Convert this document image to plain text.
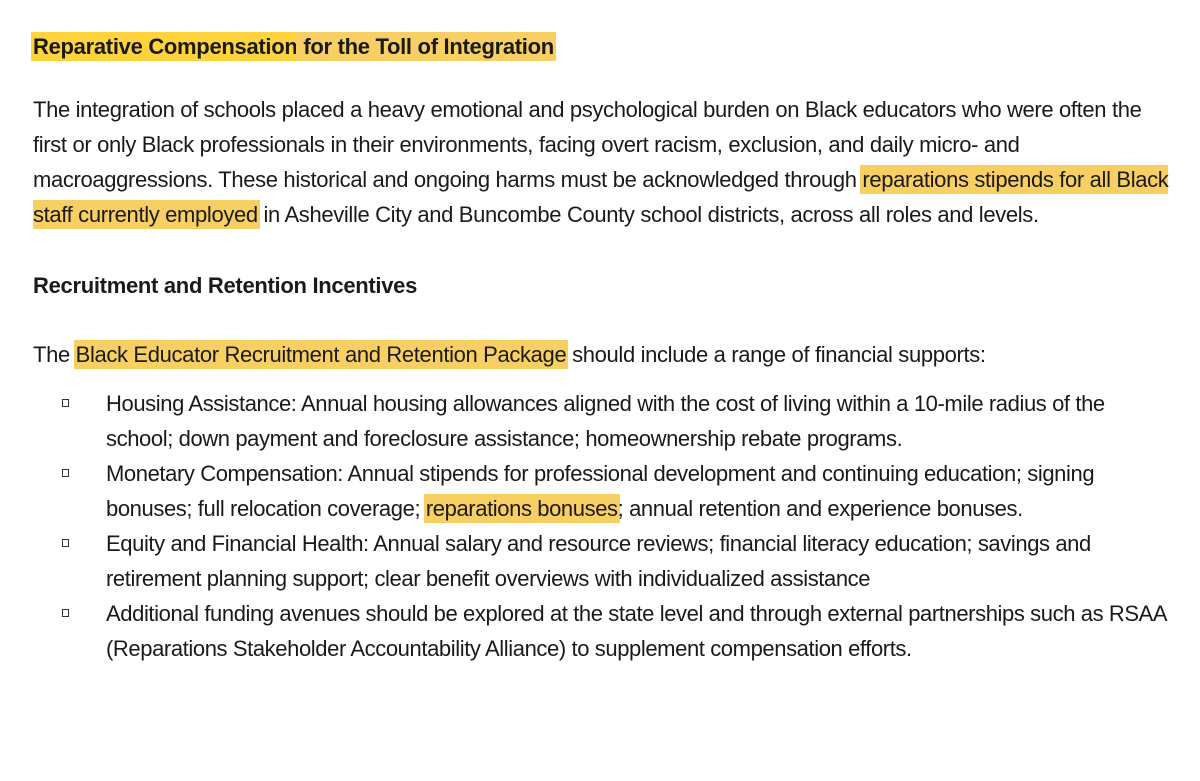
Reparative Compensation for the Toll of Integration

The integration of schools placed a heavy emotional and psychological burden on Black educators who were often the first or only Black professionals in their environments, facing overt racism, exclusion, and daily micro- and macroaggressions. These historical and ongoing harms must be acknowledged through reparations stipends for all Black staff currently employed in Asheville City and Buncombe County school districts, across all roles and levels.

Recruitment and Retention Incentives

The Black Educator Recruitment and Retention Package should include a range of financial supports:

Housing Assistance: Annual housing allowances aligned with the cost of living within a 10-mile radius of the school; down payment and foreclosure assistance; homeownership rebate programs.
Monetary Compensation: Annual stipends for professional development and continuing education; signing bonuses; full relocation coverage; reparations bonuses; annual retention and experience bonuses.
Equity and Financial Health: Annual salary and resource reviews; financial literacy education; savings and retirement planning support; clear benefit overviews with individualized assistance
Additional funding avenues should be explored at the state level and through external partnerships such as RSAA (Reparations Stakeholder Accountability Alliance) to supplement compensation efforts.
